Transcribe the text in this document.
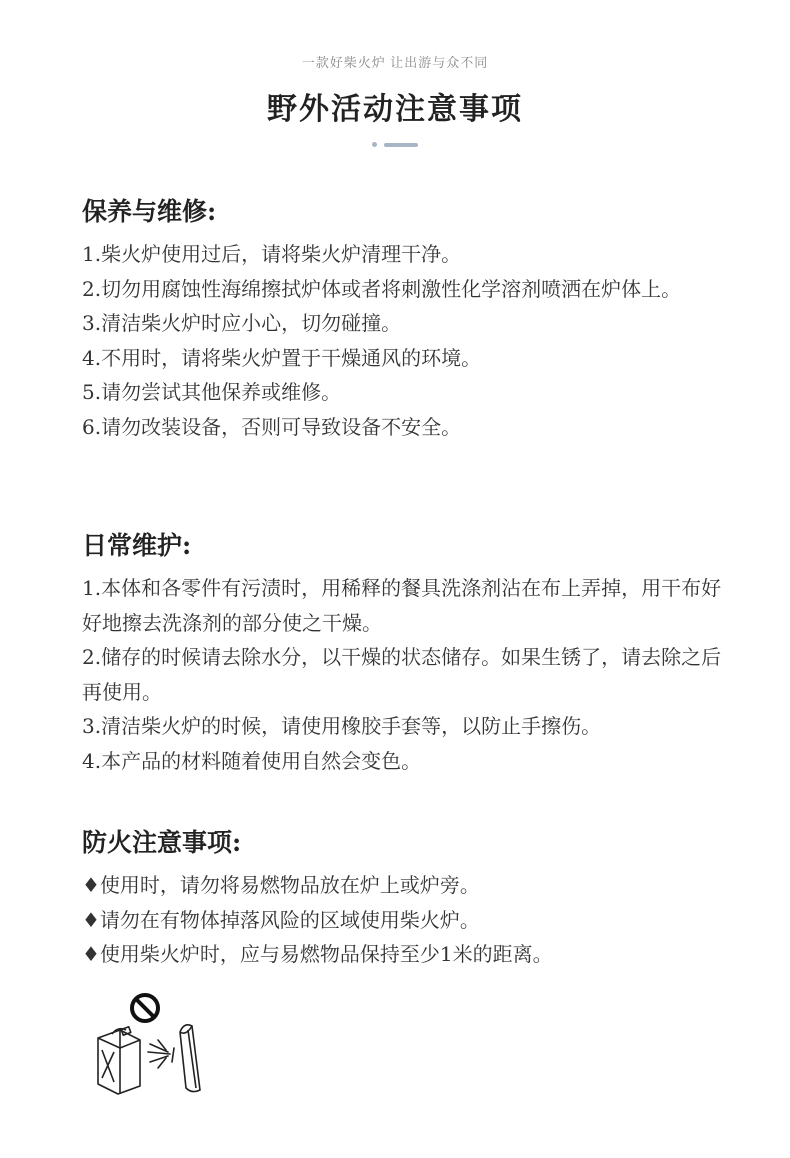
一款好柴火炉 让出游与众不同
野外活动注意事项
保养与维修:

1.柴火炉使用过后，请将柴火炉清理干净。

2.切勿用腐蚀性海绵擦拭炉体或者将刺激性化学溶剂喷洒在炉体上。

3.清洁柴火炉时应小心，切勿碰撞。

4.不用时，请将柴火炉置于干燥通风的环境。

5.请勿尝试其他保养或维修。

6.请勿改装设备，否则可导致设备不安全。

日常维护:

1.本体和各零件有污渍时，用稀释的餐具洗涤剂沾在布上弄掉，用干布好好地擦去洗涤剂的部分使之干燥。

2.储存的时候请去除水分，以干燥的状态储存。如果生锈了，请去除之后再使用。

3.清洁柴火炉的时候，请使用橡胶手套等，以防止手擦伤。

4.本产品的材料随着使用自然会变色。

防火注意事项:

♦使用时，请勿将易燃物品放在炉上或炉旁。

♦请勿在有物体掉落风险的区域使用柴火炉。

♦使用柴火炉时，应与易燃物品保持至少1米的距离。
